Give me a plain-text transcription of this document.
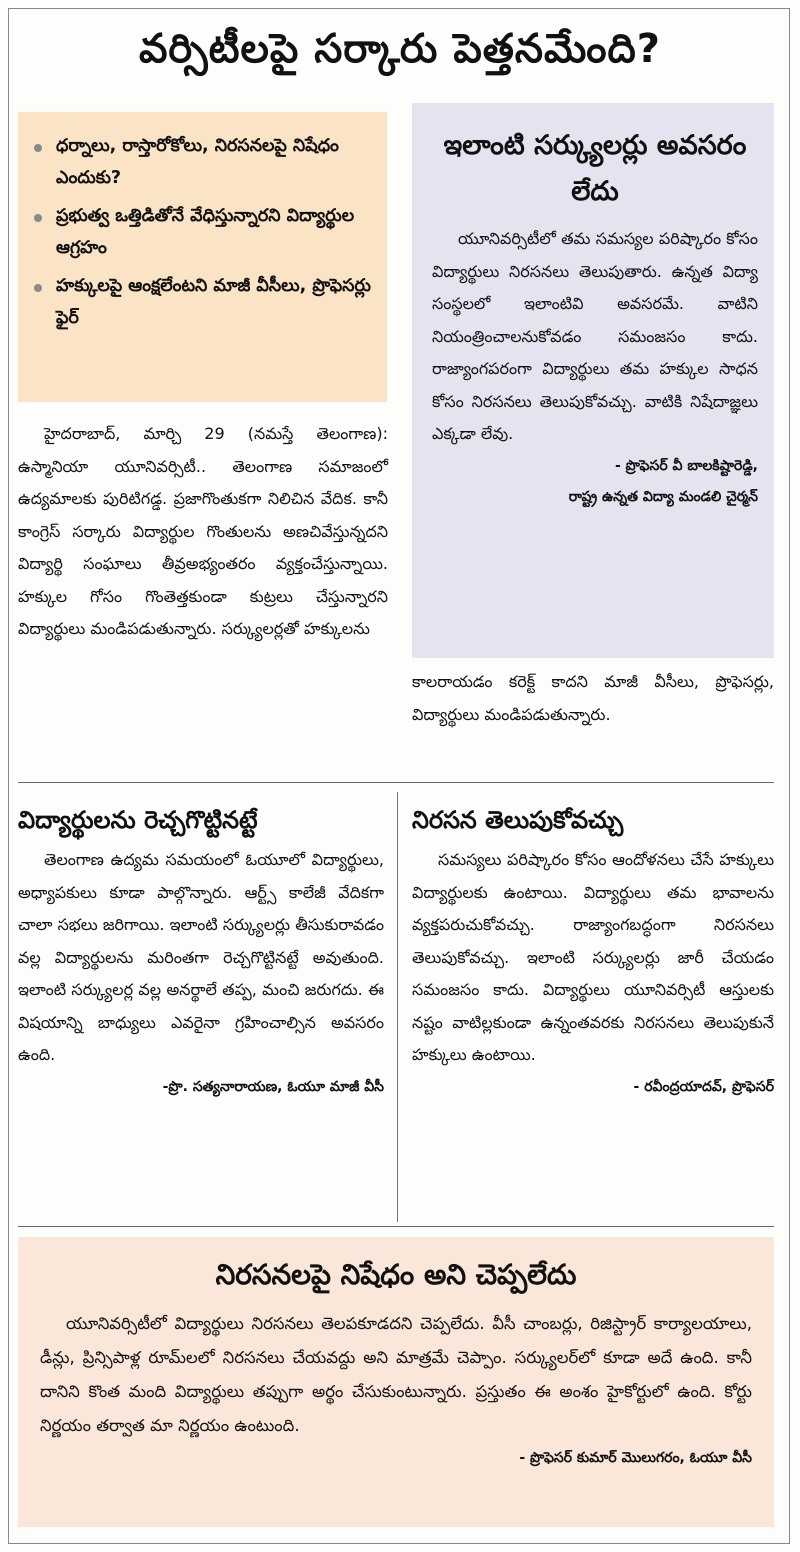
వర్సిటీలపై సర్కారు పెత్తనమేంది?
ధర్నాలు, రాస్తారోకోలు, నిరసనలపై నిషేధం ఎందుకు?
ప్రభుత్వ ఒత్తిడితోనే వేధిస్తున్నారని విద్యార్థుల ఆగ్రహం
హక్కులపై ఆంక్షలేంటని మాజీ వీసీలు, ప్రొఫెసర్లు ఫైర్
ఇలాంటి సర్క్యులర్లు అవసరం లేదు
యూనివర్సిటీలో తమ సమస్యల పరిష్కారం కోసం విద్యార్థులు నిరసనలు తెలుపుతారు. ఉన్నత విద్యా సంస్థలలో ఇలాంటివి అవసరమే. వాటిని నియంత్రించాలనుకోవడం సమంజసం కాదు. రాజ్యాంగపరంగా విద్యార్థులు తమ హక్కుల సాధన కోసం నిరసనలు తెలుపుకోవచ్చు. వాటికి నిషేదాజ్ఞలు ఎక్కడా లేవు.
- ప్రొఫెసర్ వీ బాలకిష్టారెడ్డి,
రాష్ట్ర ఉన్నత విద్యా మండలి చైర్మన్
హైదరాబాద్, మార్చి 29 (నమస్తే తెలంగాణ): ఉస్మానియా యూనివర్సిటీ.. తెలంగాణ సమాజంలో ఉద్యమాలకు పురిటిగడ్డ. ప్రజాగొంతుకగా నిలిచిన వేదిక. కానీ కాంగ్రెస్ సర్కారు విద్యార్థుల గొంతులను అణచివేస్తున్నదని విద్యార్థి సంఘాలు తీవ్రఅభ్యంతరం వ్యక్తంచేస్తున్నాయి. హక్కుల గోసం గొంతెత్తకుండా కుట్రలు చేస్తున్నారని విద్యార్థులు మండిపడుతున్నారు. సర్క్యులర్లతో హక్కులను
కాలరాయడం కరెక్ట్ కాదని మాజీ వీసీలు, ప్రొఫెసర్లు, విద్యార్థులు మండిపడుతున్నారు.
విద్యార్థులను రెచ్చగొట్టినట్టే
తెలంగాణ ఉద్యమ సమయంలో ఓయూలో విద్యార్థులు, అధ్యాపకులు కూడా పాల్గొన్నారు. ఆర్ట్స్ కాలేజీ వేదికగా చాలా సభలు జరిగాయి. ఇలాంటి సర్క్యులర్లు తీసుకురావడం వల్ల విద్యార్థులను మరింతగా రెచ్చగొట్టినట్టే అవుతుంది. ఇలాంటి సర్క్యులర్ల వల్ల అనర్థాలే తప్ప, మంచి జరుగదు. ఈ విషయాన్ని బాధ్యులు ఎవరైనా గ్రహించాల్సిన అవసరం ఉంది.
-ప్రొ. సత్యనారాయణ, ఓయూ మాజీ వీసీ
నిరసన తెలుపుకోవచ్చు
సమస్యలు పరిష్కారం కోసం ఆందోళనలు చేసే హక్కులు విద్యార్థులకు ఉంటాయి. విద్యార్థులు తమ భావాలను వ్యక్తపరుచుకోవచ్చు. రాజ్యాంగబద్ధంగా నిరసనలు తెలుపుకోవచ్చు. ఇలాంటి సర్క్యులర్లు జారీ చేయడం సమంజసం కాదు. విద్యార్థులు యూనివర్సిటీ ఆస్తులకు నష్టం వాటిల్లకుండా ఉన్నంతవరకు నిరసనలు తెలుపుకునే హక్కులు ఉంటాయి.
- రవీంద్రయాదవ్, ప్రొఫెసర్
నిరసనలపై నిషేధం అని చెప్పలేదు
యూనివర్సిటీలో విద్యార్థులు నిరసనలు తెలపకూడదని చెప్పలేదు. వీసీ చాంబర్లు, రిజిస్ట్రార్ కార్యాలయాలు, డీన్లు, ప్రిన్సిపాళ్ల రూమ్‌లలో నిరసనలు చేయవద్దు అని మాత్రమే చెప్పాం. సర్క్యులర్‌లో కూడా అదే ఉంది. కానీ దానిని కొంత మంది విద్యార్థులు తప్పుగా అర్థం చేసుకుంటున్నారు. ప్రస్తుతం ఈ అంశం హైకోర్టులో ఉంది. కోర్టు నిర్ణయం తర్వాత మా నిర్ణయం ఉంటుంది.
- ప్రొఫెసర్ కుమార్ మొలుగరం, ఓయూ వీసీ
